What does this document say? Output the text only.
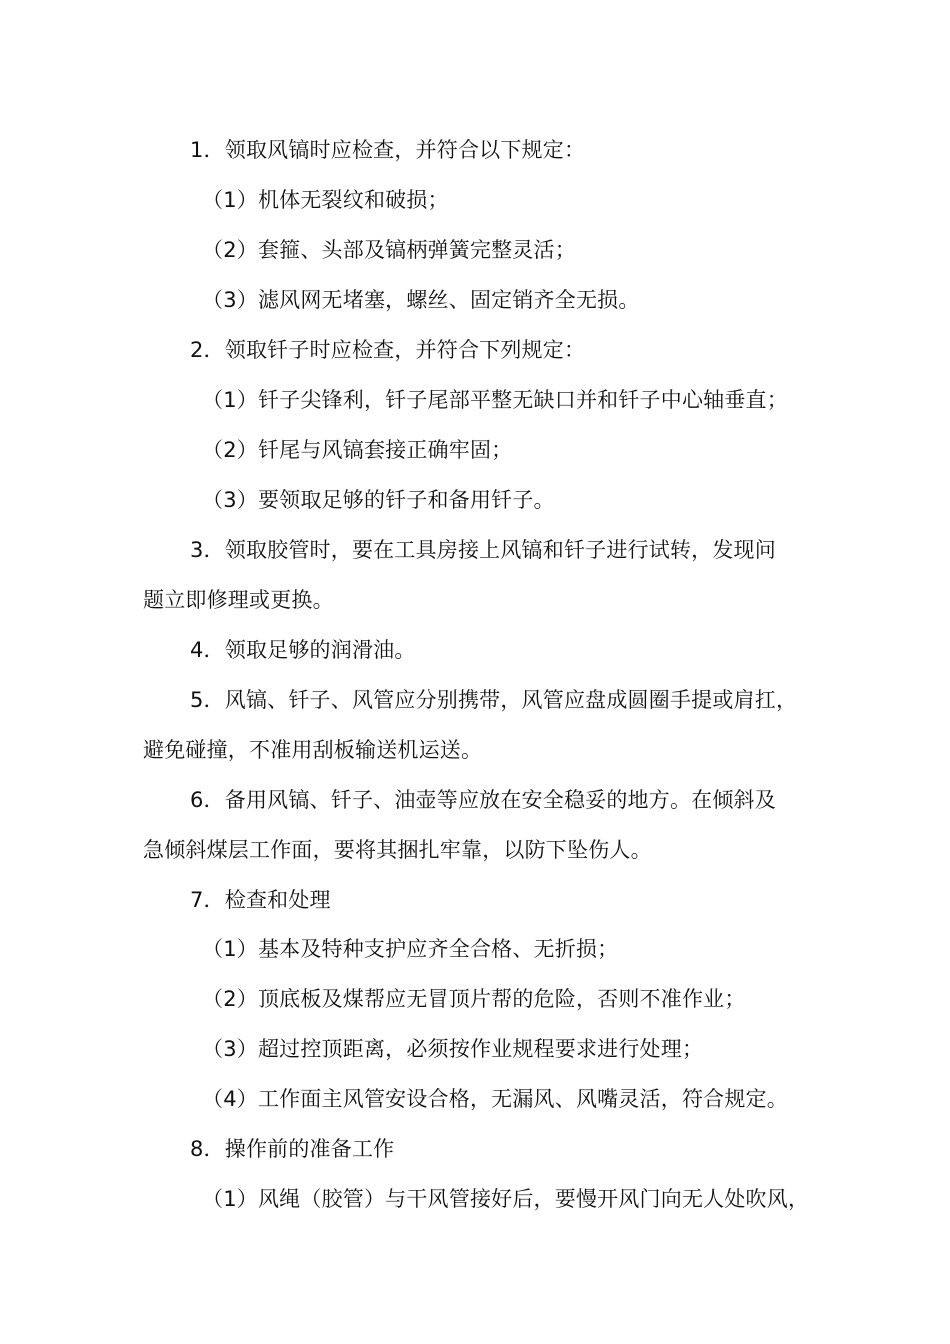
1．领取风镐时应检查，并符合以下规定：

（1）机体无裂纹和破损；

（2）套箍、头部及镐柄弹簧完整灵活；

（3）滤风网无堵塞，螺丝、固定销齐全无损。

2．领取钎子时应检查，并符合下列规定：

（1）钎子尖锋利，钎子尾部平整无缺口并和钎子中心轴垂直；

（2）钎尾与风镐套接正确牢固；

（3）要领取足够的钎子和备用钎子。

3．领取胶管时，要在工具房接上风镐和钎子进行试转，发现问

题立即修理或更换。

4．领取足够的润滑油。

5．风镐、钎子、风管应分别携带，风管应盘成圆圈手提或肩扛，

避免碰撞，不准用刮板输送机运送。

6．备用风镐、钎子、油壶等应放在安全稳妥的地方。在倾斜及

急倾斜煤层工作面，要将其捆扎牢靠，以防下坠伤人。

7．检查和处理

（1）基本及特种支护应齐全合格、无折损；

（2）顶底板及煤帮应无冒顶片帮的危险，否则不准作业；

（3）超过控顶距离，必须按作业规程要求进行处理；

（4）工作面主风管安设合格，无漏风、风嘴灵活，符合规定。

8．操作前的准备工作

（1）风绳（胶管）与干风管接好后，要慢开风门向无人处吹风，
